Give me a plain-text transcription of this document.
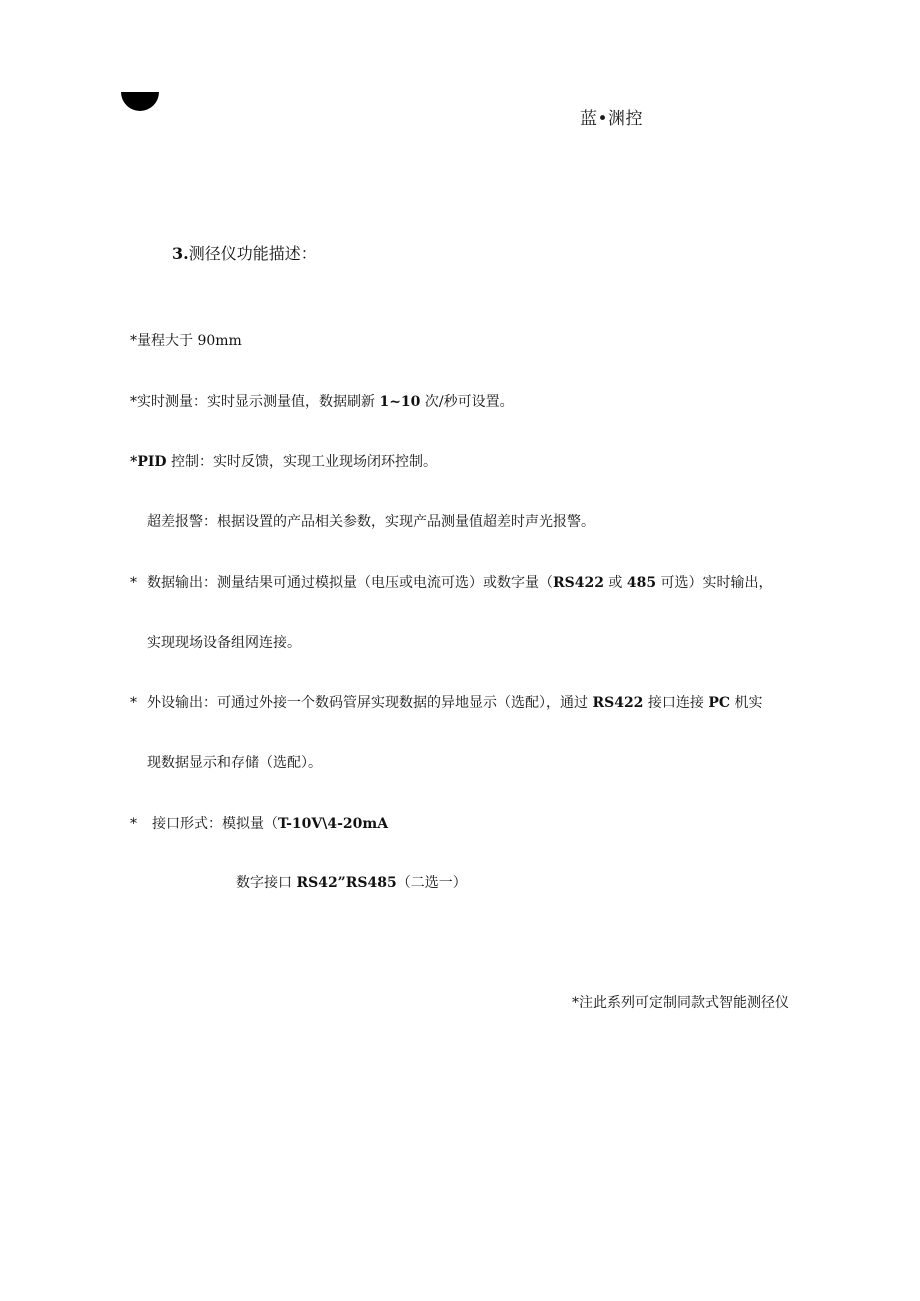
蓝•渊控
3.测径仪功能描述：
*量程大于 90mm
*实时测量：实时显示测量值，数据刷新 1~10 次/秒可设置。
*PID 控制：实时反馈，实现工业现场闭环控制。
超差报警：根据设置的产品相关参数，实现产品测量值超差时声光报警。
* 数据输出：测量结果可通过模拟量（电压或电流可选）或数字量（RS422 或 485 可选）实时输出，
实现现场设备组网连接。
* 外设输出：可通过外接一个数码管屏实现数据的异地显示（选配），通过 RS422 接口连接 PC 机实
现数据显示和存储（选配）。
* 接口形式：模拟量（T-10V\4-20mA
数字接口 RS42”RS485（二选一）
*注此系列可定制同款式智能测径仪
